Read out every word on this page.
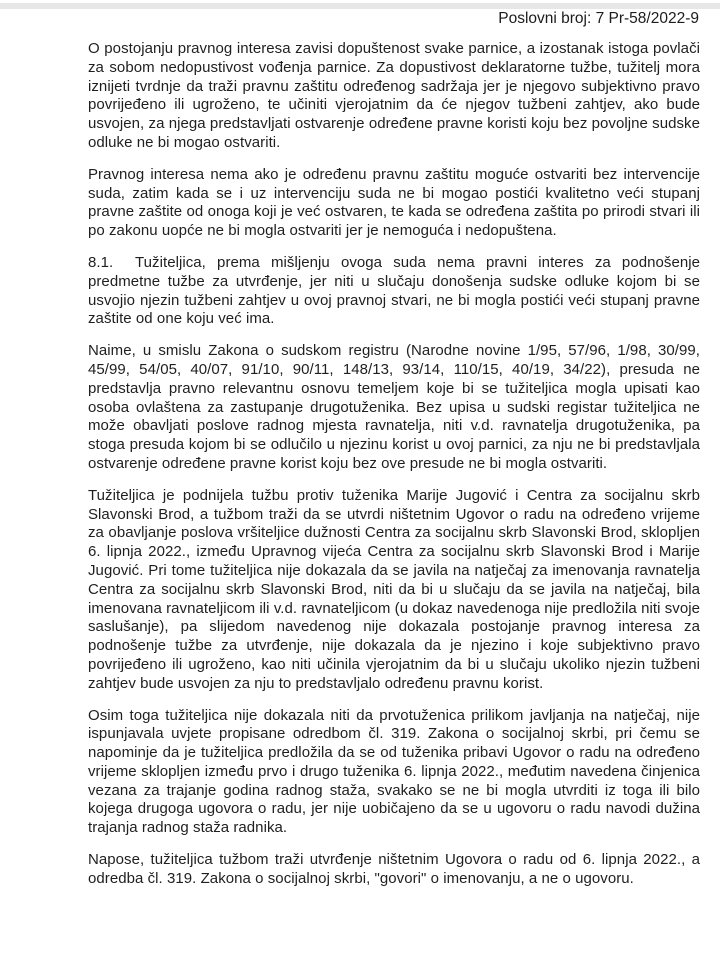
Poslovni broj: 7 Pr-58/2022-9

O postojanju pravnog interesa zavisi dopuštenost svake parnice, a izostanak istoga povlači za sobom nedopustivost vođenja parnice. Za dopustivost deklaratorne tužbe, tužitelj mora iznijeti tvrdnje da traži pravnu zaštitu određenog sadržaja jer je njegovo subjektivno pravo povrijeđeno ili ugroženo, te učiniti vjerojatnim da će njegov tužbeni zahtjev, ako bude usvojen, za njega predstavljati ostvarenje određene pravne koristi koju bez povoljne sudske odluke ne bi mogao ostvariti.

Pravnog interesa nema ako je određenu pravnu zaštitu moguće ostvariti bez intervencije suda, zatim kada se i uz intervenciju suda ne bi mogao postići kvalitetno veći stupanj pravne zaštite od onoga koji je već ostvaren, te kada se određena zaštita po prirodi stvari ili po zakonu uopće ne bi mogla ostvariti jer je nemoguća i nedopuštena.

8.1. Tužiteljica, prema mišljenju ovoga suda nema pravni interes za podnošenje predmetne tužbe za utvrđenje, jer niti u slučaju donošenja sudske odluke kojom bi se usvojio njezin tužbeni zahtjev u ovoj pravnoj stvari, ne bi mogla postići veći stupanj pravne zaštite od one koju već ima.

Naime, u smislu Zakona o sudskom registru (Narodne novine 1/95, 57/96, 1/98, 30/99, 45/99, 54/05, 40/07, 91/10, 90/11, 148/13, 93/14, 110/15, 40/19, 34/22), presuda ne predstavlja pravno relevantnu osnovu temeljem koje bi se tužiteljica mogla upisati kao osoba ovlaštena za zastupanje drugotuženika. Bez upisa u sudski registar tužiteljica ne može obavljati poslove radnog mjesta ravnatelja, niti v.d. ravnatelja drugotuženika, pa stoga presuda kojom bi se odlučilo u njezinu korist u ovoj parnici, za nju ne bi predstavljala ostvarenje određene pravne korist koju bez ove presude ne bi mogla ostvariti.

Tužiteljica je podnijela tužbu protiv tuženika Marije Jugović i Centra za socijalnu skrb Slavonski Brod, a tužbom traži da se utvrdi ništetnim Ugovor o radu na određeno vrijeme za obavljanje poslova vršiteljice dužnosti Centra za socijalnu skrb Slavonski Brod, sklopljen 6. lipnja 2022., između Upravnog vijeća Centra za socijalnu skrb Slavonski Brod i Marije Jugović. Pri tome tužiteljica nije dokazala da se javila na natječaj za imenovanja ravnatelja Centra za socijalnu skrb Slavonski Brod, niti da bi u slučaju da se javila na natječaj, bila imenovana ravnateljicom ili v.d. ravnateljicom (u dokaz navedenoga nije predložila niti svoje saslušanje), pa slijedom navedenog nije dokazala postojanje pravnog interesa za podnošenje tužbe za utvrđenje, nije dokazala da je njezino i koje subjektivno pravo povrijeđeno ili ugroženo, kao niti učinila vjerojatnim da bi u slučaju ukoliko njezin tužbeni zahtjev bude usvojen za nju to predstavljalo određenu pravnu korist.

Osim toga tužiteljica nije dokazala niti da prvotuženica prilikom javljanja na natječaj, nije ispunjavala uvjete propisane odredbom čl. 319. Zakona o socijalnoj skrbi, pri čemu se napominje da je tužiteljica predložila da se od tuženika pribavi Ugovor o radu na određeno vrijeme sklopljen između prvo i drugo tuženika 6. lipnja 2022., međutim navedena činjenica vezana za trajanje godina radnog staža, svakako se ne bi mogla utvrditi iz toga ili bilo kojega drugoga ugovora o radu, jer nije uobičajeno da se u ugovoru o radu navodi dužina trajanja radnog staža radnika.

Napose, tužiteljica tužbom traži utvrđenje ništetnim Ugovora o radu od 6. lipnja 2022., a odredba čl. 319. Zakona o socijalnoj skrbi, "govori" o imenovanju, a ne o ugovoru.
